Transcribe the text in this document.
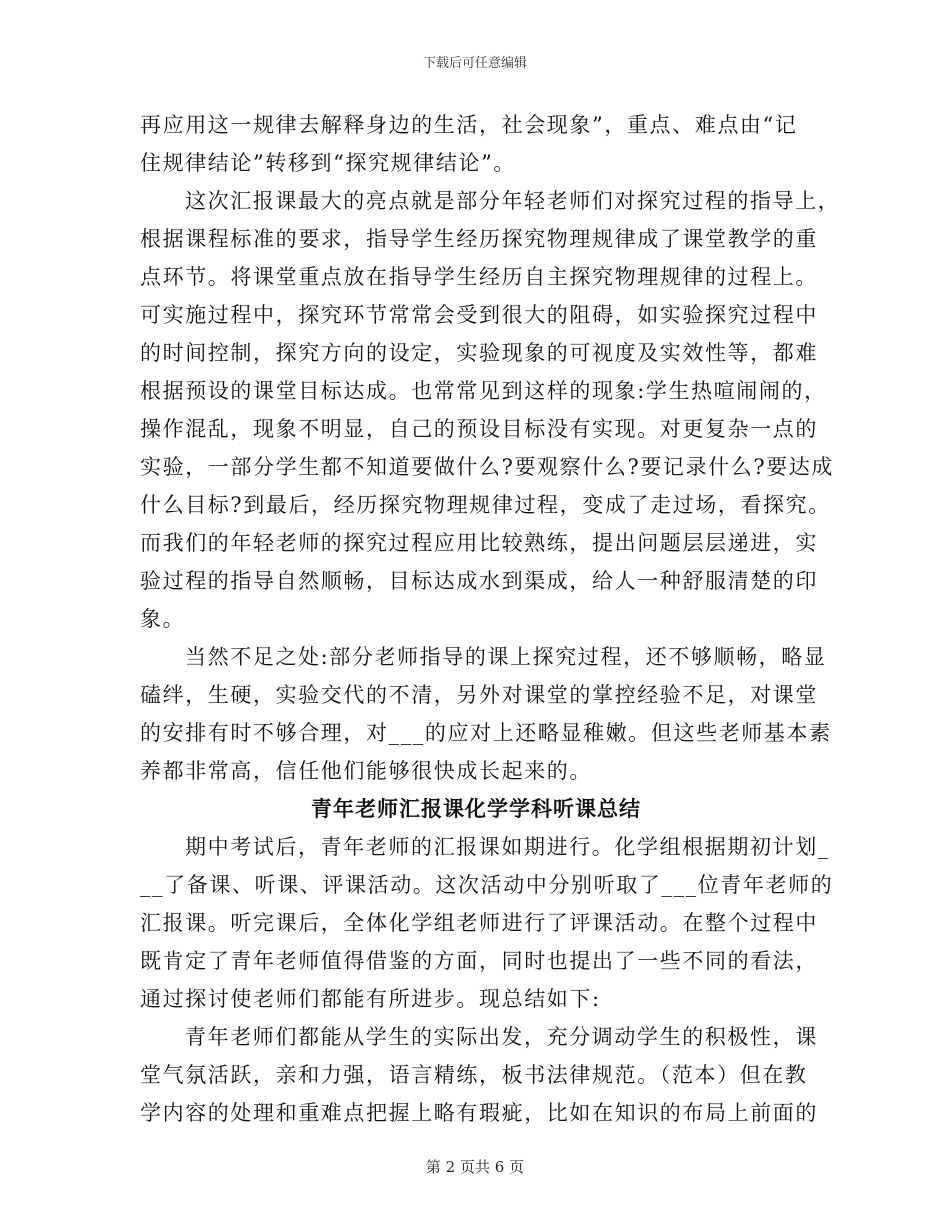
下载后可任意编辑
再应用这一规律去解释身边的生活，社会现象”，重点、难点由“记
住规律结论”转移到“探究规律结论”。
这次汇报课最大的亮点就是部分年轻老师们对探究过程的指导上，
根据课程标准的要求，指导学生经历探究物理规律成了课堂教学的重
点环节。将课堂重点放在指导学生经历自主探究物理规律的过程上。
可实施过程中，探究环节常常会受到很大的阻碍，如实验探究过程中
的时间控制，探究方向的设定，实验现象的可视度及实效性等，都难
根据预设的课堂目标达成。也常常见到这样的现象:学生热喧闹闹的，
操作混乱，现象不明显，自己的预设目标没有实现。对更复杂一点的
实验，一部分学生都不知道要做什么?要观察什么?要记录什么?要达成
什么目标?到最后，经历探究物理规律过程，变成了走过场，看探究。
而我们的年轻老师的探究过程应用比较熟练，提出问题层层递进，实
验过程的指导自然顺畅，目标达成水到渠成，给人一种舒服清楚的印
象。
当然不足之处:部分老师指导的课上探究过程，还不够顺畅，略显
磕绊，生硬，实验交代的不清，另外对课堂的掌控经验不足，对课堂
的安排有时不够合理，对___的应对上还略显稚嫩。但这些老师基本素
养都非常高，信任他们能够很快成长起来的。
青年老师汇报课化学学科听课总结
期中考试后，青年老师的汇报课如期进行。化学组根据期初计划_
__了备课、听课、评课活动。这次活动中分别听取了___位青年老师的
汇报课。听完课后，全体化学组老师进行了评课活动。在整个过程中
既肯定了青年老师值得借鉴的方面，同时也提出了一些不同的看法，
通过探讨使老师们都能有所进步。现总结如下:
青年老师们都能从学生的实际出发，充分调动学生的积极性，课
堂气氛活跃，亲和力强，语言精练，板书法律规范。（范本）但在教
学内容的处理和重难点把握上略有瑕疵，比如在知识的布局上前面的
第 2 页共 6 页
